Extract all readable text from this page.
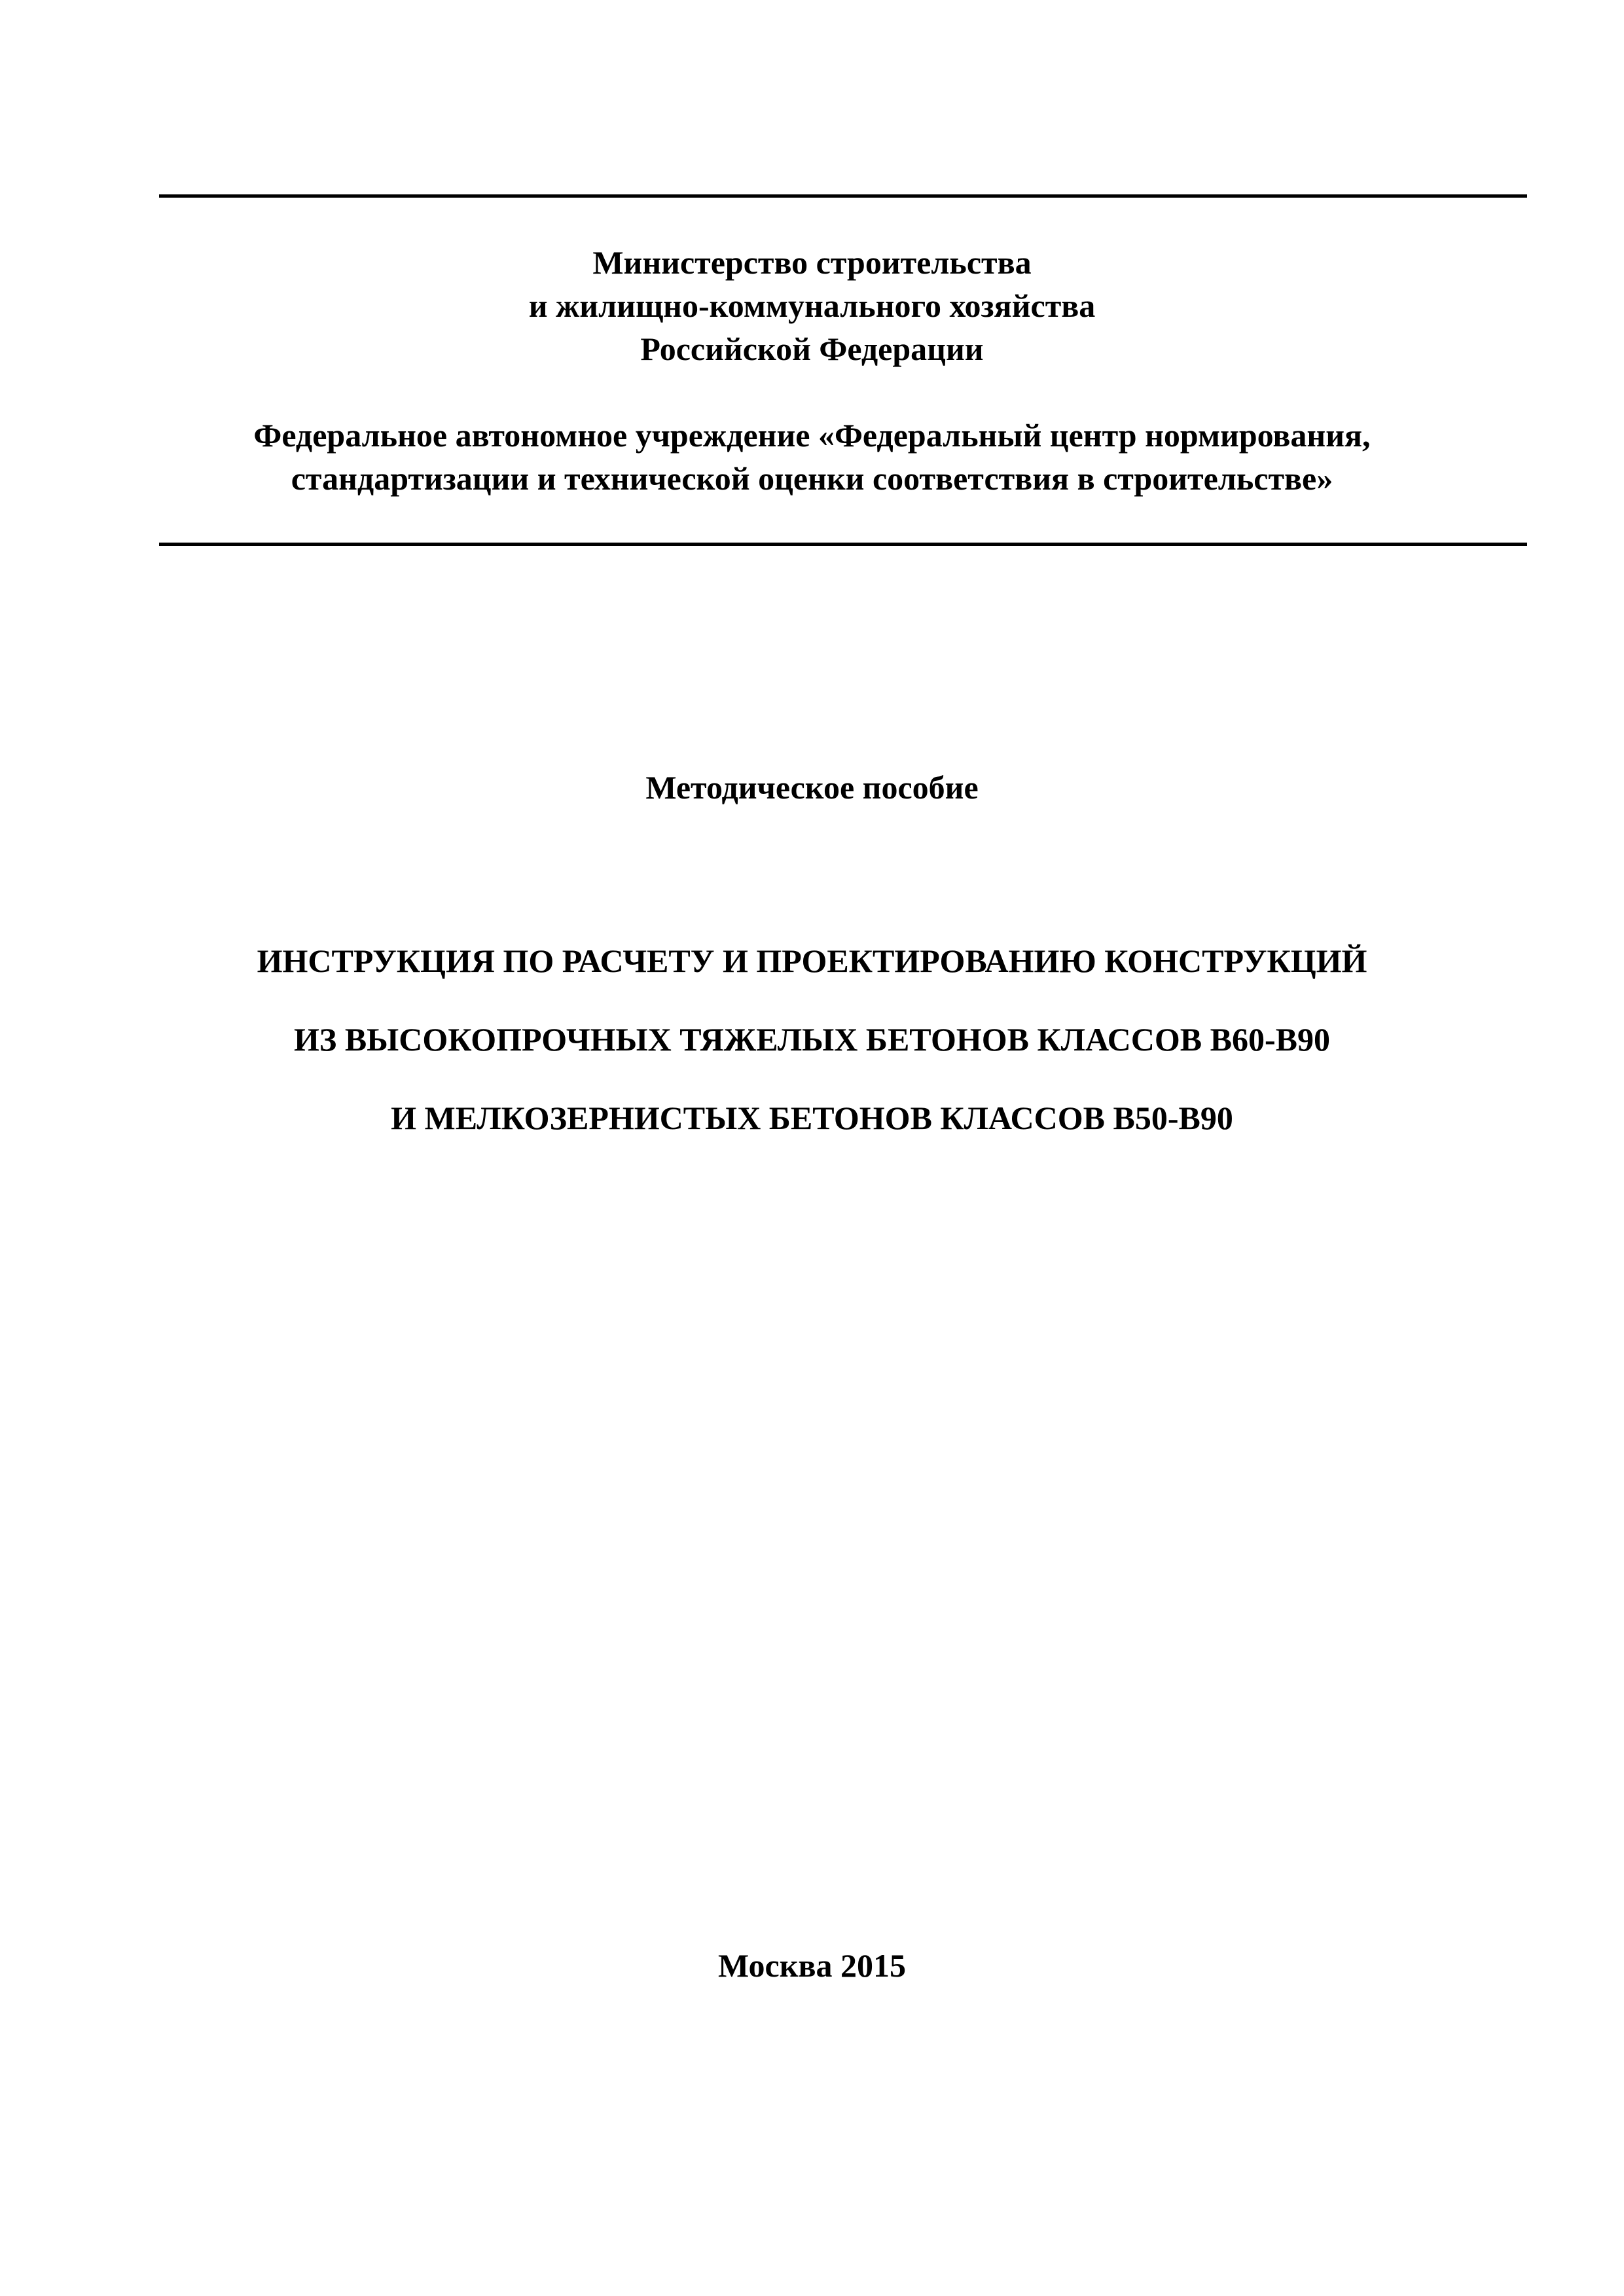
Министерство строительства
и жилищно-коммунального хозяйства
Российской Федерации
Федеральное автономное учреждение «Федеральный центр нормирования,
стандартизации и технической оценки соответствия в строительстве»
Методическое пособие
ИНСТРУКЦИЯ ПО РАСЧЕТУ И ПРОЕКТИРОВАНИЮ КОНСТРУКЦИЙ
ИЗ ВЫСОКОПРОЧНЫХ ТЯЖЕЛЫХ БЕТОНОВ КЛАССОВ В60-В90
И МЕЛКОЗЕРНИСТЫХ БЕТОНОВ КЛАССОВ В50-В90
Москва 2015
